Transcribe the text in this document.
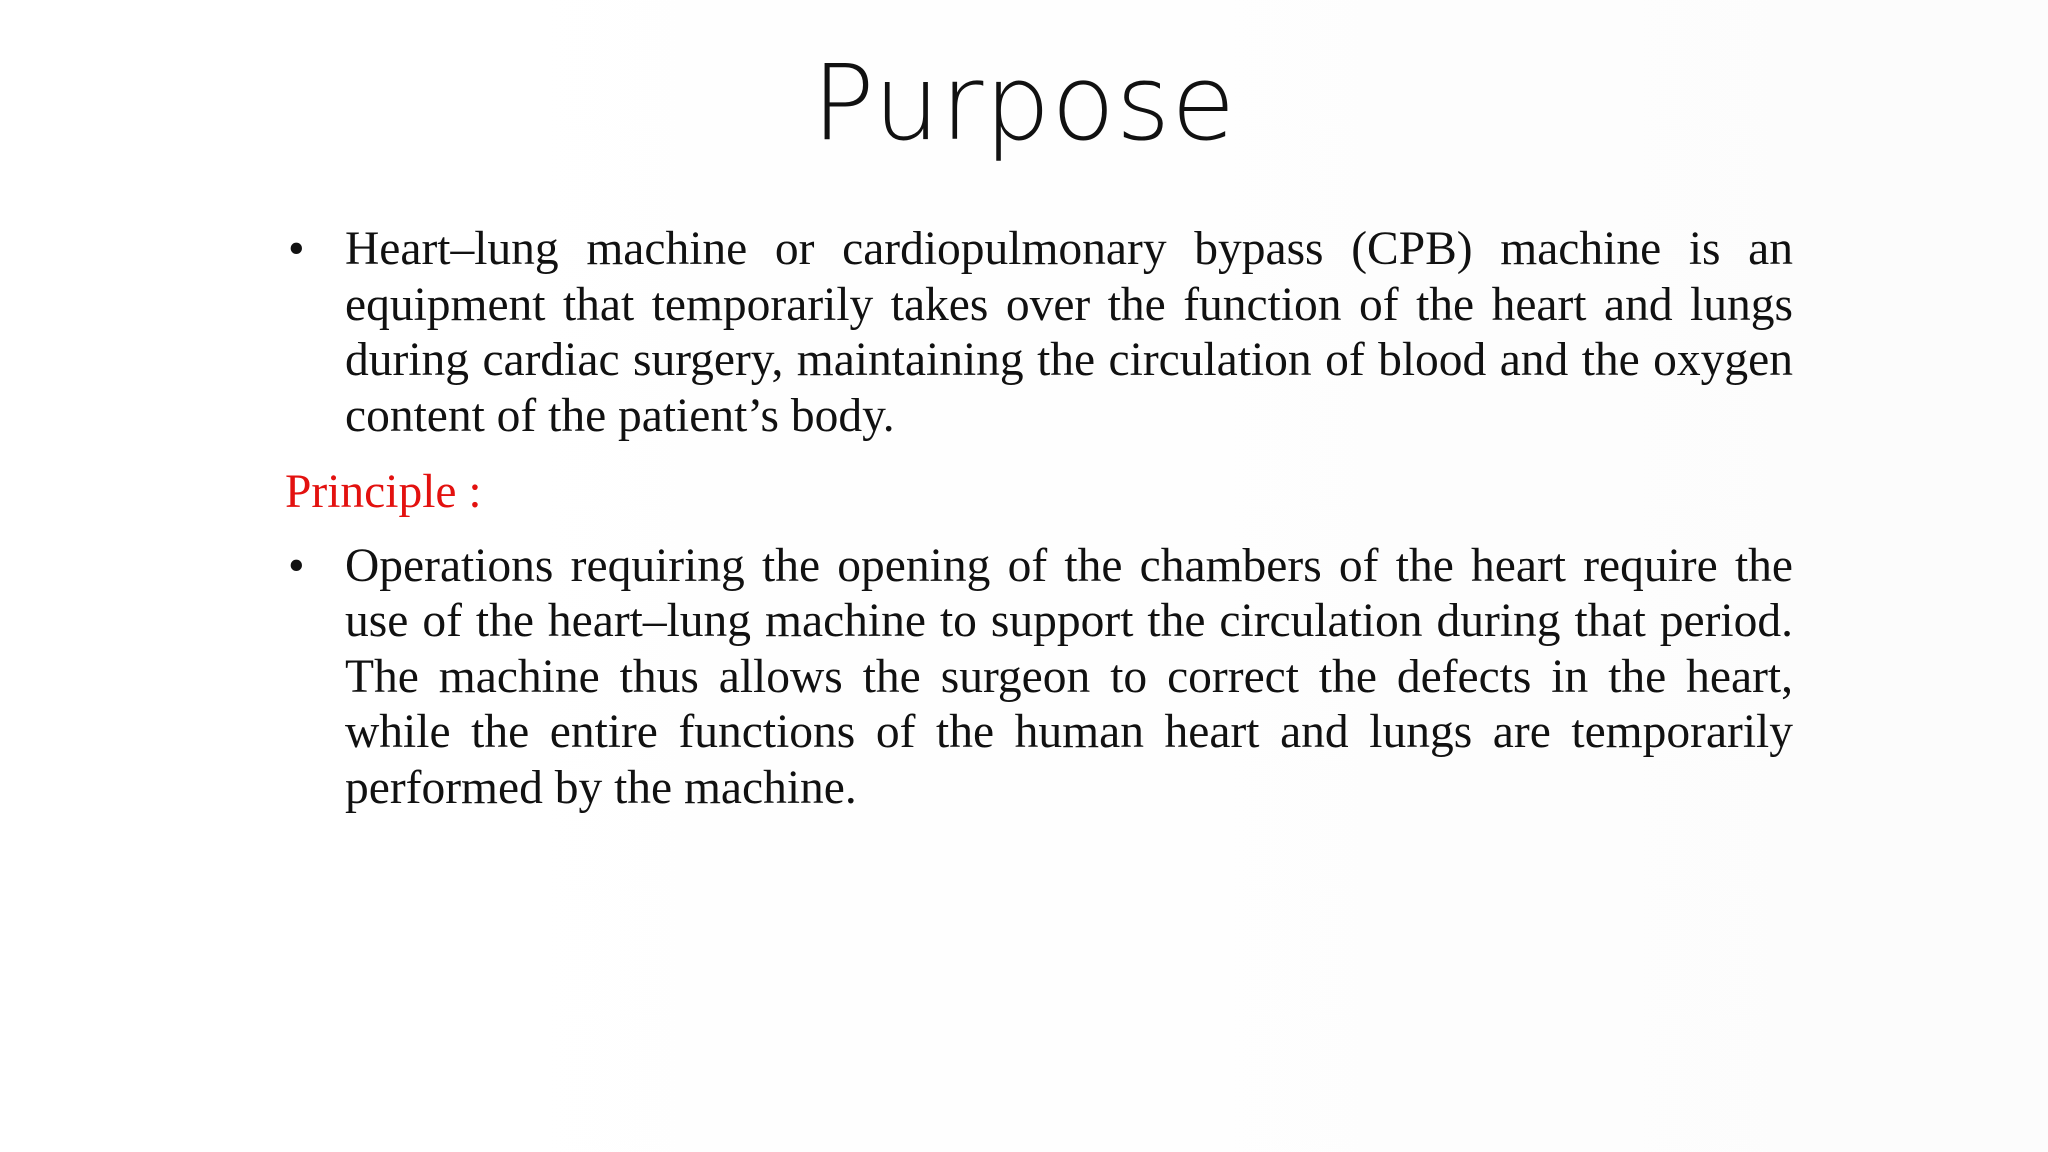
Purpose
• Heart–lung machine or cardiopulmonary bypass (CPB) machine is an equipment that temporarily takes over the function of the heart and lungs during cardiac surgery, maintaining the circulation of blood and the oxygen content of the patient’s body.
Principle :
• Operations requiring the opening of the chambers of the heart require the use of the heart–lung machine to support the circulation during that period. The machine thus allows the surgeon to correct the defects in the heart, while the entire functions of the human heart and lungs are temporarily performed by the machine.
